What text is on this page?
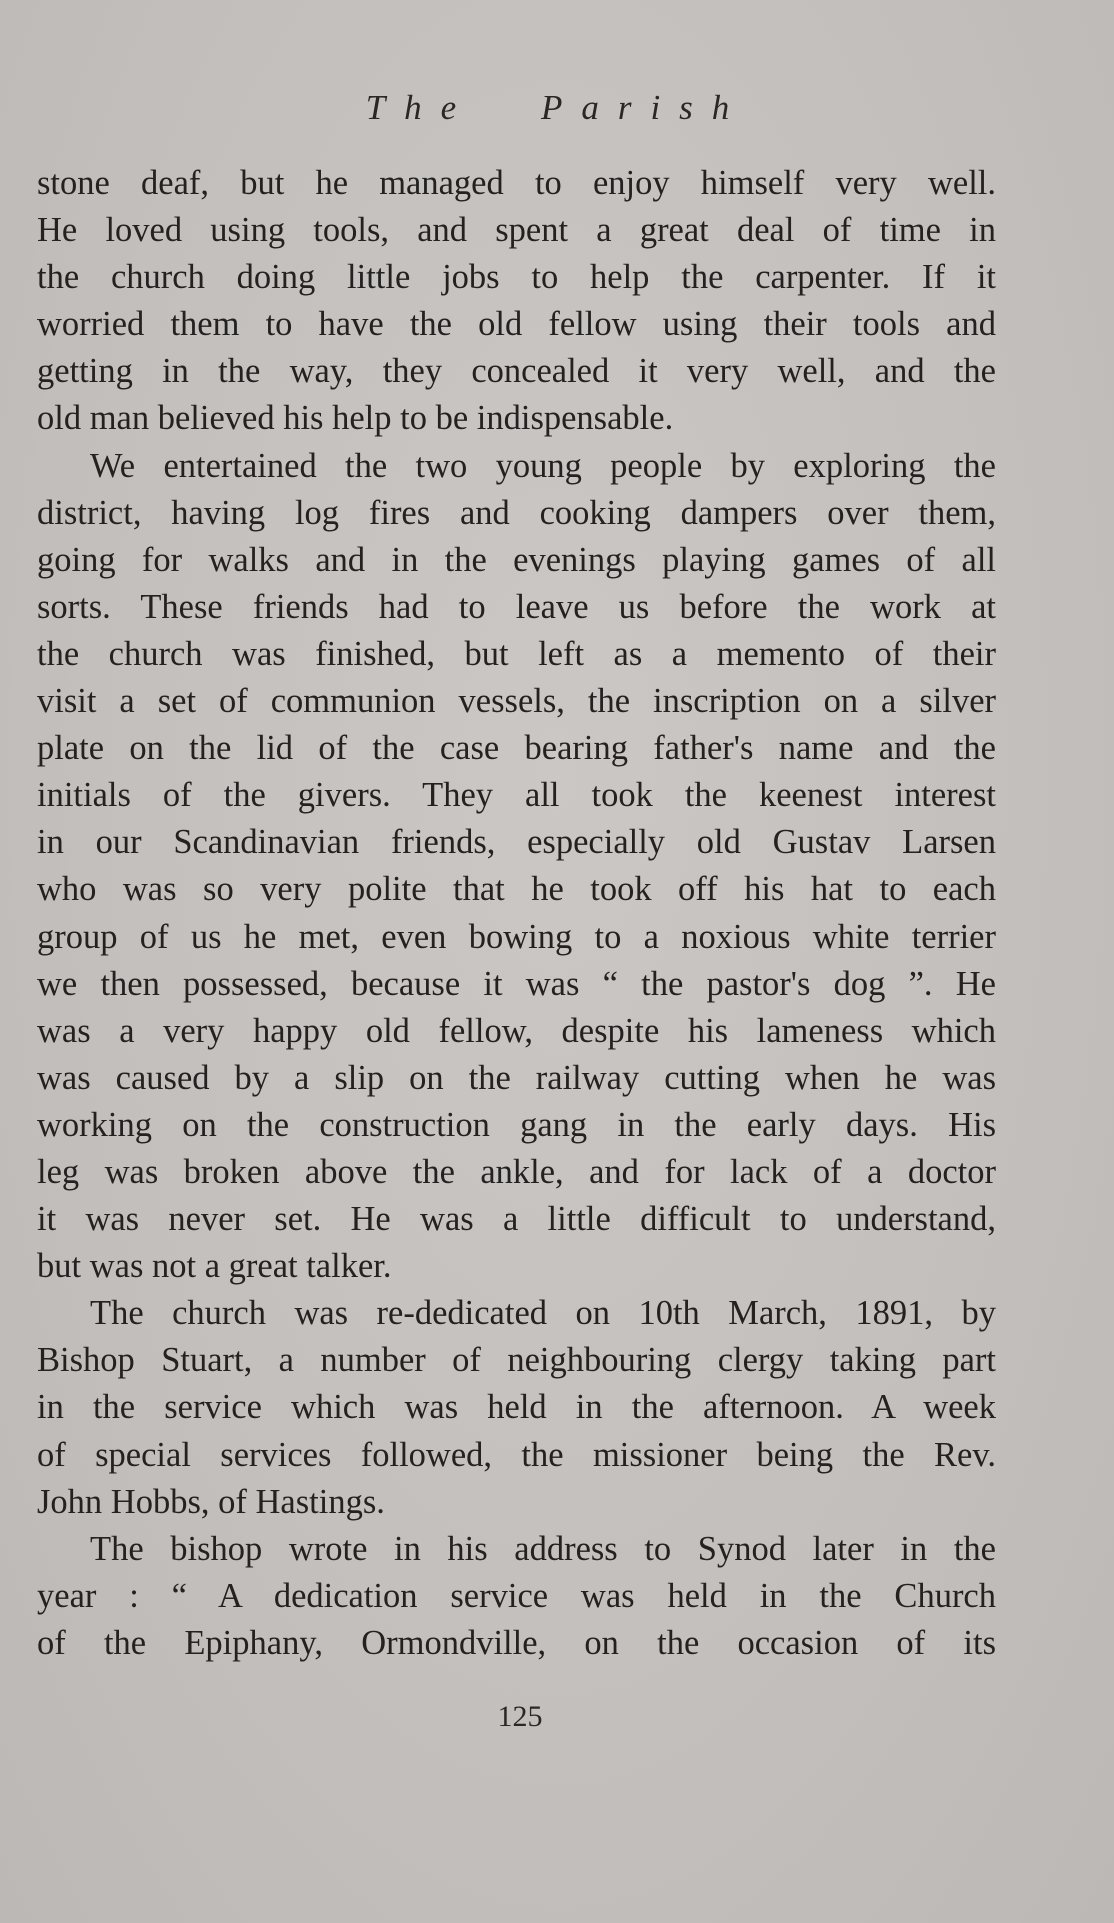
The Parish
stone deaf, but he managed to enjoy himself very well.
He loved using tools, and spent a great deal of time in
the church doing little jobs to help the carpenter. If it
worried them to have the old fellow using their tools and
getting in the way, they concealed it very well, and the
old man believed his help to be indispensable.
We entertained the two young people by exploring the
district, having log fires and cooking dampers over them,
going for walks and in the evenings playing games of all
sorts. These friends had to leave us before the work at
the church was finished, but left as a memento of their
visit a set of communion vessels, the inscription on a silver
plate on the lid of the case bearing father's name and the
initials of the givers. They all took the keenest interest
in our Scandinavian friends, especially old Gustav Larsen
who was so very polite that he took off his hat to each
group of us he met, even bowing to a noxious white terrier
we then possessed, because it was “ the pastor's dog ”. He
was a very happy old fellow, despite his lameness which
was caused by a slip on the railway cutting when he was
working on the construction gang in the early days. His
leg was broken above the ankle, and for lack of a doctor
it was never set. He was a little difficult to understand,
but was not a great talker.
The church was re-dedicated on 10th March, 1891, by
Bishop Stuart, a number of neighbouring clergy taking part
in the service which was held in the afternoon. A week
of special services followed, the missioner being the Rev.
John Hobbs, of Hastings.
The bishop wrote in his address to Synod later in the
year : “ A dedication service was held in the Church
of the Epiphany, Ormondville, on the occasion of its
125
